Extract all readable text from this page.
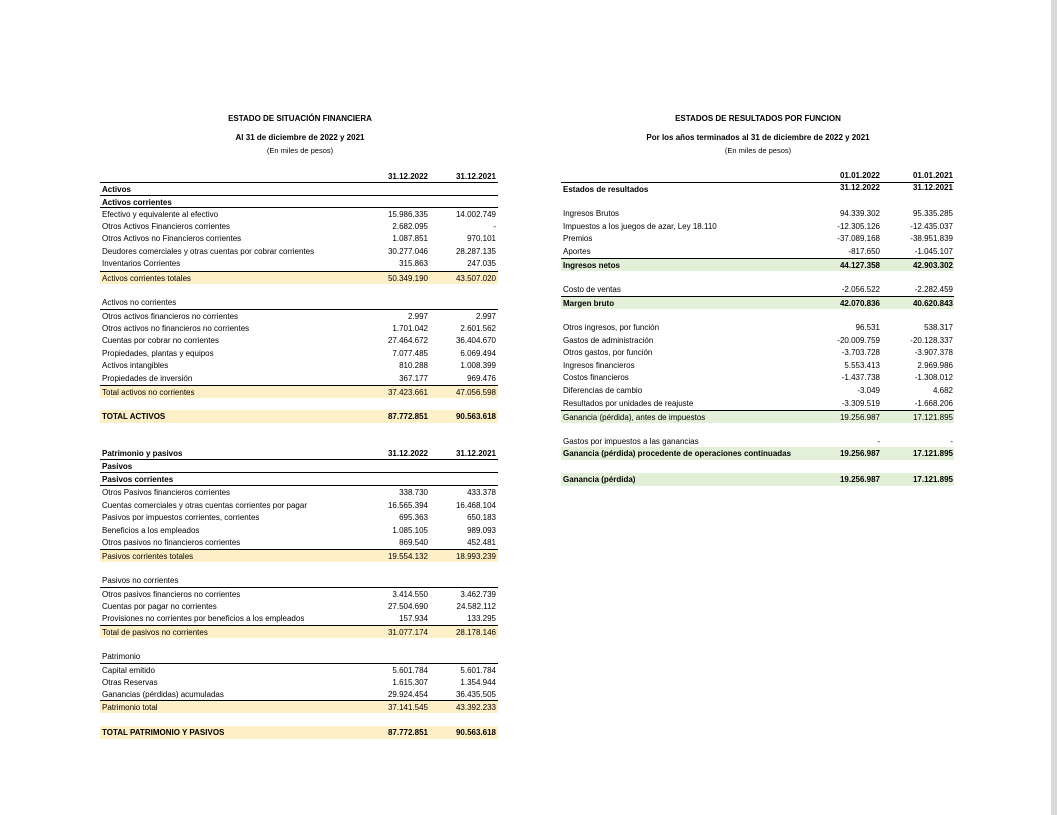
ESTADO DE SITUACIÓN FINANCIERA
Al 31 de diciembre de 2022 y 2021
(En miles de pesos)
31.12.2022	31.12.2021
Activos
Activos corrientes
Efectivo y equivalente al efectivo	15.986.335	14.002.749
Otros Activos Financieros corrientes	2.682.095	-
Otros Activos no Financieros corrientes	1.087.851	970.101
Deudores comerciales y otras cuentas por cobrar corrientes	30.277.046	28.287.135
Inventarios Corrientes	315.863	247.035
Activos corrientes totales	50.349.190	43.507.020
Activos no corrientes
Otros activos financieros no corrientes	2.997	2.997
Otros activos no financieros no corrientes	1.701.042	2.601.562
Cuentas por cobrar no corrientes	27.464.672	36.404.670
Propiedades, plantas y equipos	7.077.485	6.069.494
Activos intangibles	810.288	1.008.399
Propiedades de inversión	367.177	969.476
Total activos no corrientes	37.423.661	47.056.598
TOTAL ACTIVOS	87.772.851	90.563.618
Patrimonio y pasivos	31.12.2022	31.12.2021
Pasivos
Pasivos corrientes
Otros Pasivos financieros corrientes	338.730	433.378
Cuentas comerciales y otras cuentas corrientes por pagar	16.565.394	16.468.104
Pasivos por impuestos corrientes, corrientes	695.363	650.183
Beneficios a los empleados	1.085.105	989.093
Otros pasivos no financieros corrientes	869.540	452.481
Pasivos corrientes totales	19.554.132	18.993.239
Pasivos no corrientes
Otros pasivos financieros no corrientes	3.414.550	3.462.739
Cuentas por pagar no corrientes	27.504.690	24.582.112
Provisiones no corrientes por beneficios a los empleados	157.934	133.295
Total de pasivos no corrientes	31.077.174	28.178.146
Patrimonio
Capital emitido	5.601.784	5.601.784
Otras Reservas	1.615.307	1.354.944
Ganancias (pérdidas) acumuladas	29.924.454	36.435.505
Patrimonio total	37.141.545	43.392.233
TOTAL PATRIMONIO Y PASIVOS	87.772.851	90.563.618
ESTADOS DE RESULTADOS POR FUNCION
Por los años terminados al 31 de diciembre de 2022 y 2021
(En miles de pesos)
01.01.2022
31.12.2022
01.01.2021
31.12.2021
Estados de resultados
Ingresos Brutos	94.339.302	95.335.285
Impuestos a los juegos de azar, Ley 18.110	-12.305.126	-12.435.037
Premios	-37.089.168	-38.951.839
Aportes	-817.650	-1.045.107
Ingresos netos	44.127.358	42.903.302
Costo de ventas	-2.056.522	-2.282.459
Margen bruto	42.070.836	40.620.843
Otros ingresos, por función	96.531	538.317
Gastos de administración	-20.009.759	-20.128.337
Otros gastos, por función	-3.703.728	-3.907.378
Ingresos financieros	5.553.413	2.969.986
Costos financieros	-1.437.738	-1.308.012
Diferencias de cambio	-3.049	4.682
Resultados por unidades de reajuste	-3.309.519	-1.668.206
Ganancia (pérdida), antes de impuestos	19.256.987	17.121.895
Gastos por impuestos a las ganancias	-	-
Ganancia (pérdida) procedente de operaciones continuadas	19.256.987	17.121.895
Ganancia (pérdida)	19.256.987	17.121.895
